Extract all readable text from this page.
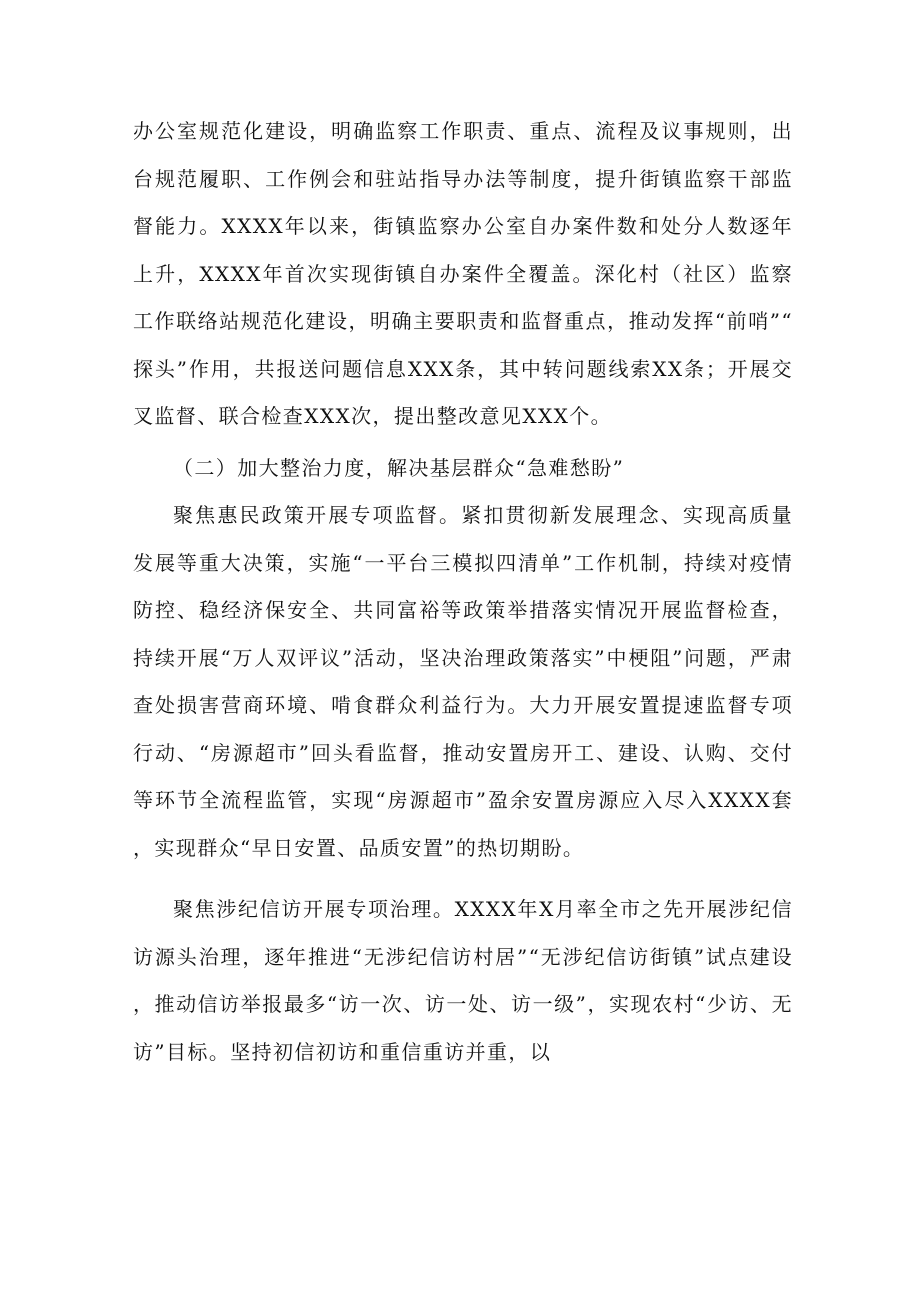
办公室规范化建设，明确监察工作职责、重点、流程及议事规则，出台规范履职、工作例会和驻站指导办法等制度，提升街镇监察干部监督能力。XXXX年以来，街镇监察办公室自办案件数和处分人数逐年上升，XXXX年首次实现街镇自办案件全覆盖。深化村（社区）监察工作联络站规范化建设，明确主要职责和监督重点，推动发挥“前哨”“探头”作用，共报送问题信息XXX条，其中转问题线索XX条；开展交叉监督、联合检查XXX次，提出整改意见XXX个。

（二）加大整治力度，解决基层群众“急难愁盼”

聚焦惠民政策开展专项监督。紧扣贯彻新发展理念、实现高质量发展等重大决策，实施“一平台三模拟四清单”工作机制，持续对疫情防控、稳经济保安全、共同富裕等政策举措落实情况开展监督检查，持续开展“万人双评议”活动，坚决治理政策落实”中梗阻”问题，严肃查处损害营商环境、啃食群众利益行为。大力开展安置提速监督专项行动、“房源超市”回头看监督，推动安置房开工、建设、认购、交付等环节全流程监管，实现“房源超市”盈余安置房源应入尽入XXXX套，实现群众“早日安置、品质安置”的热切期盼。

聚焦涉纪信访开展专项治理。XXXX年X月率全市之先开展涉纪信访源头治理，逐年推进“无涉纪信访村居”“无涉纪信访街镇”试点建设，推动信访举报最多“访一次、访一处、访一级”，实现农村“少访、无访”目标。坚持初信初访和重信重访并重，以
